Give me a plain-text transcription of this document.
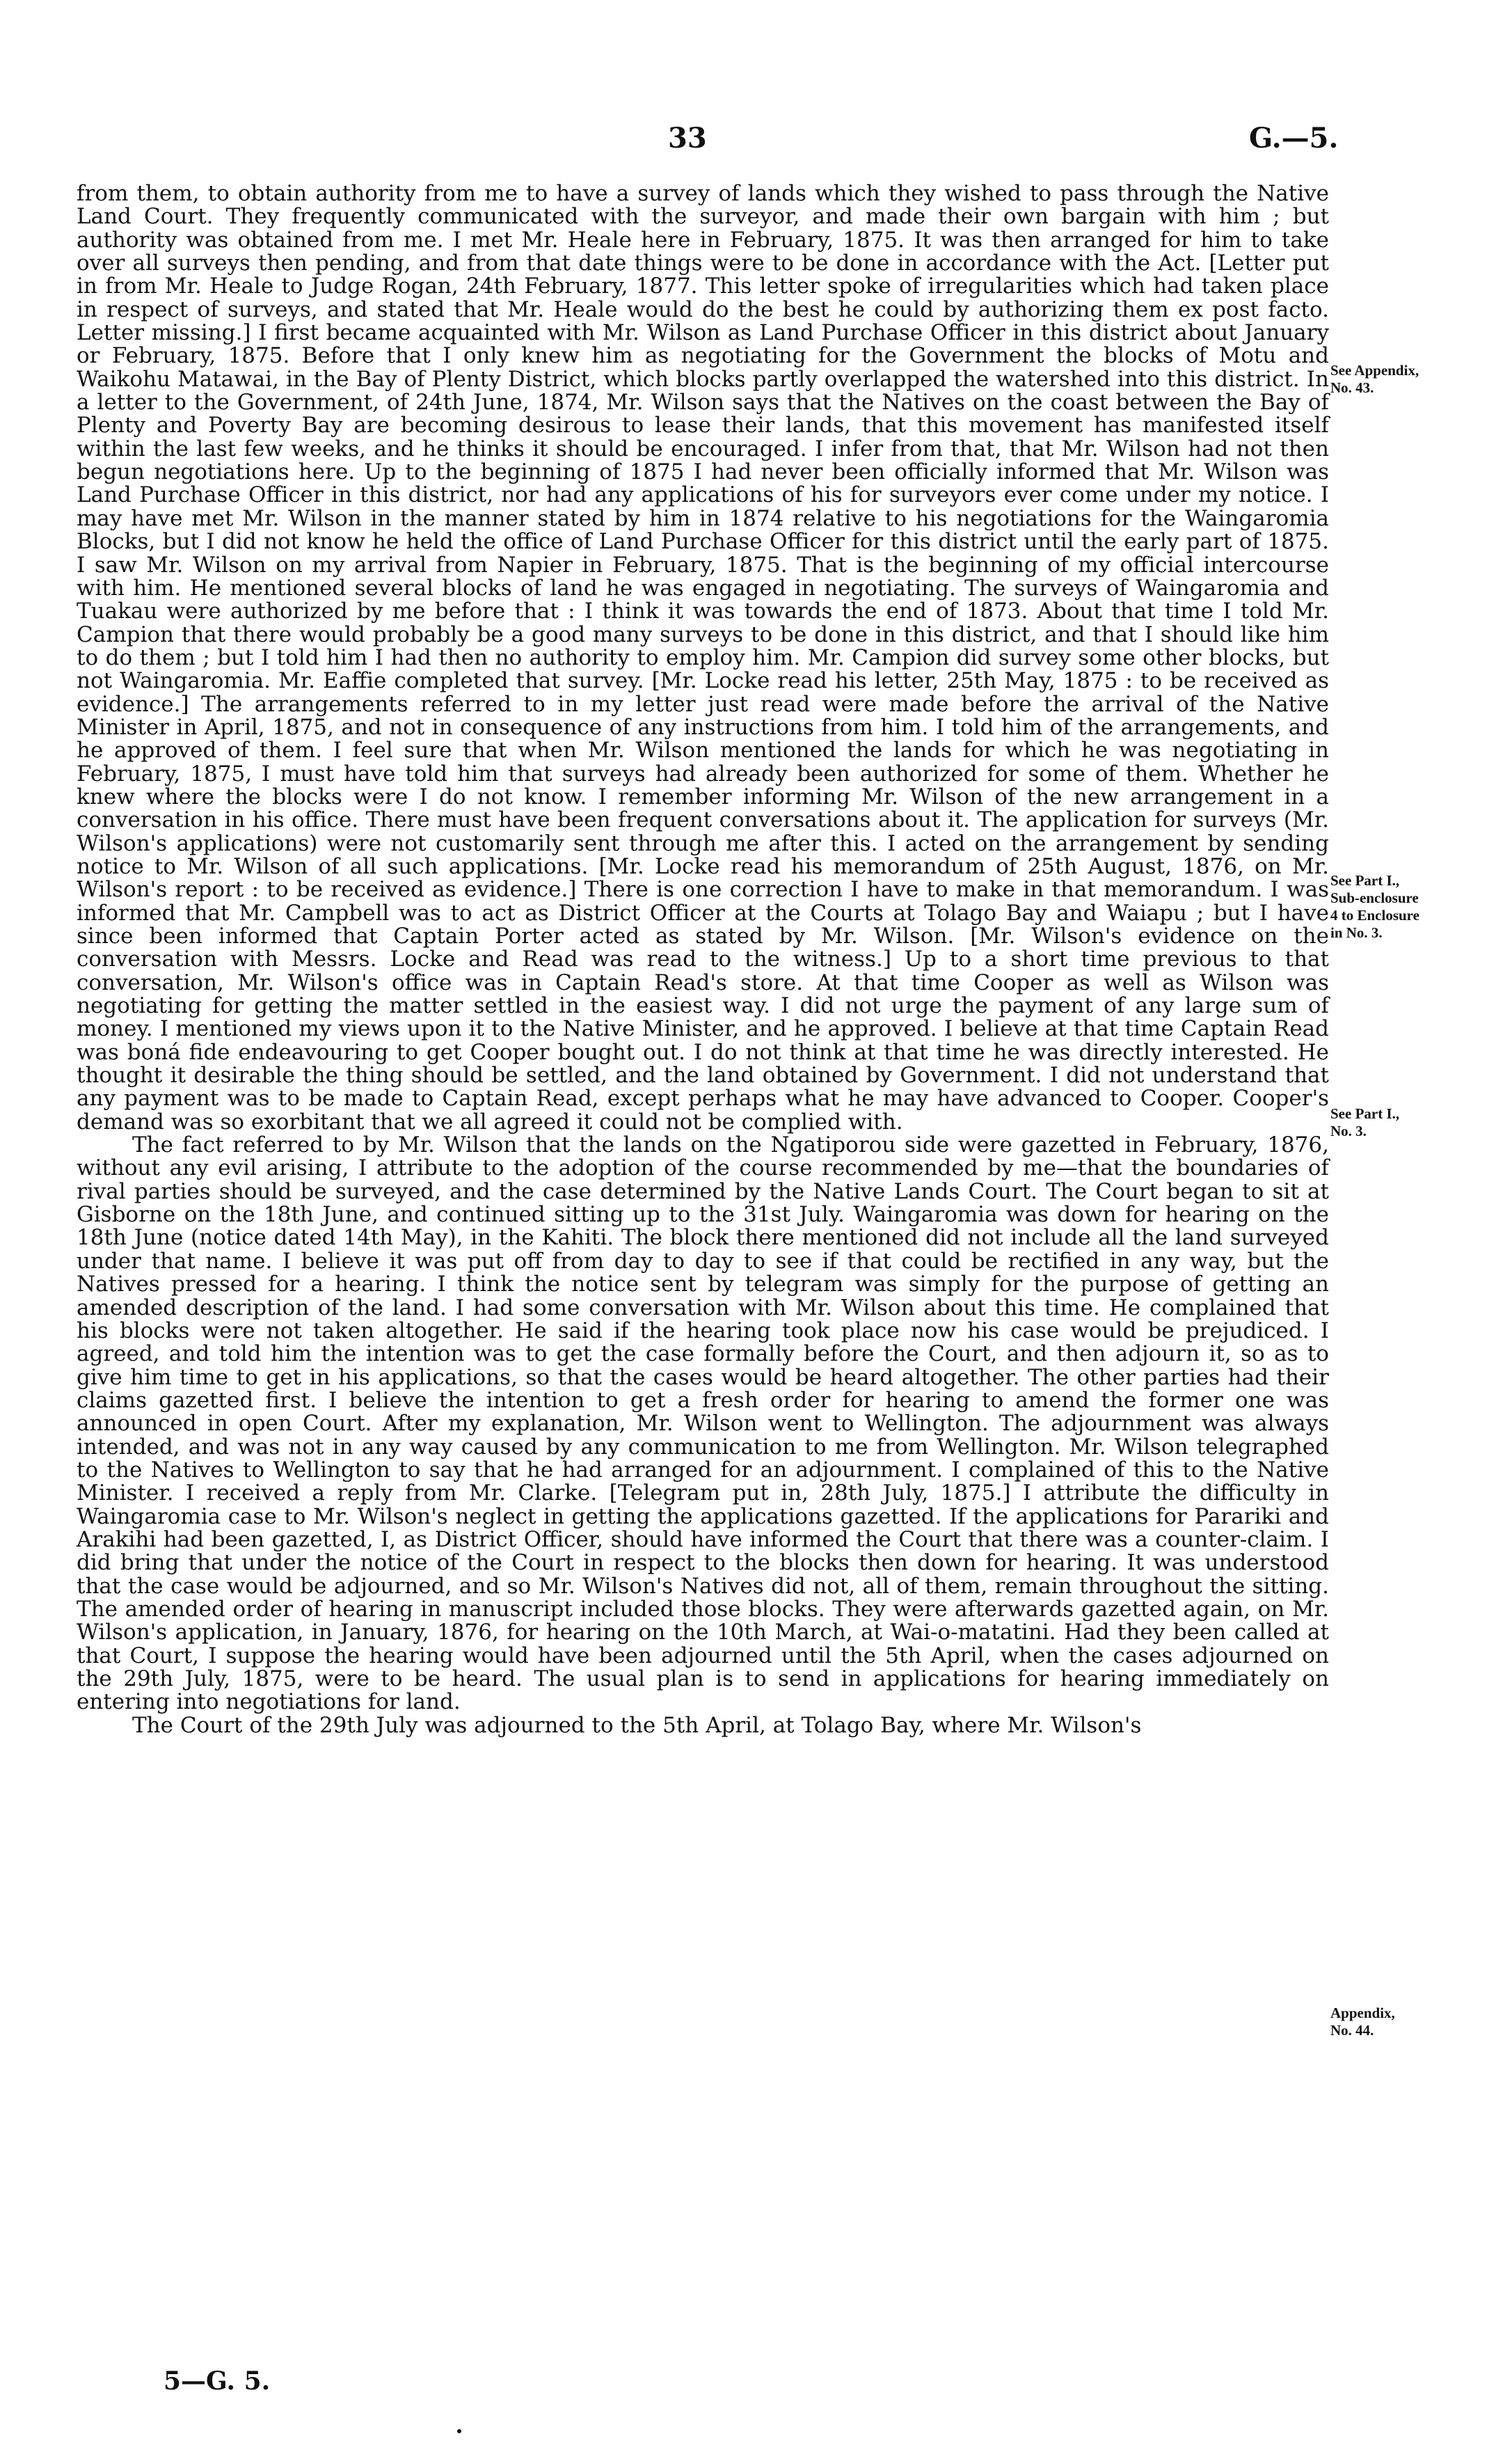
33	G.—5.

from them, to obtain authority from me to have a survey of lands which they wished to pass through the Native Land Court. They frequently communicated with the surveyor, and made their own bargain with him ; but authority was obtained from me. I met Mr. Heale here in February, 1875. It was then arranged for him to take over all surveys then pending, and from that date things were to be done in accordance with the Act. [Letter put in from Mr. Heale to Judge Rogan, 24th February, 1877. This letter spoke of irregularities which had taken place in respect of surveys, and stated that Mr. Heale would do the best he could by authorizing them ex post facto. Letter missing.] I first became acquainted with Mr. Wilson as Land Purchase Officer in this district about January or February, 1875. Before that I only knew him as negotiating for the Government the blocks of Motu and Waikohu Matawai, in the Bay of Plenty District, which blocks partly overlapped the watershed into this district. In a letter to the Government, of 24th June, 1874, Mr. Wilson says that the Natives on the coast between the Bay of Plenty and Poverty Bay are becoming desirous to lease their lands, that this movement has manifested itself within the last few weeks, and he thinks it should be encouraged. I infer from that, that Mr. Wilson had not then begun negotiations here. Up to the beginning of 1875 I had never been officially informed that Mr. Wilson was Land Purchase Officer in this district, nor had any applications of his for surveyors ever come under my notice. I may have met Mr. Wilson in the manner stated by him in 1874 relative to his negotiations for the Waingaromia Blocks, but I did not know he held the office of Land Purchase Officer for this district until the early part of 1875. I saw Mr. Wilson on my arrival from Napier in February, 1875. That is the beginning of my official intercourse with him. He mentioned several blocks of land he was engaged in negotiating. The surveys of Waingaromia and Tuakau were authorized by me before that : I think it was towards the end of 1873. About that time I told Mr. Campion that there would probably be a good many surveys to be done in this district, and that I should like him to do them ; but I told him I had then no authority to employ him. Mr. Campion did survey some other blocks, but not Waingaromia. Mr. Eaffie completed that survey. [Mr. Locke read his letter, 25th May, 1875 : to be received as evidence.] The arrangements referred to in my letter just read were made before the arrival of the Native Minister in April, 1875, and not in consequence of any instructions from him. I told him of the arrangements, and he approved of them. I feel sure that when Mr. Wilson mentioned the lands for which he was negotiating in February, 1875, I must have told him that surveys had already been authorized for some of them. Whether he knew where the blocks were I do not know. I remember informing Mr. Wilson of the new arrangement in a conversation in his office. There must have been frequent conversations about it. The application for surveys (Mr. Wilson's applications) were not customarily sent through me after this. I acted on the arrangement by sending notice to Mr. Wilson of all such applications. [Mr. Locke read his memorandum of 25th August, 1876, on Mr. Wilson's report : to be received as evidence.] There is one correction I have to make in that memorandum. I was informed that Mr. Campbell was to act as District Officer at the Courts at Tolago Bay and Waiapu ; but I have since been informed that Captain Porter acted as stated by Mr. Wilson. [Mr. Wilson's evidence on the conversation with Messrs. Locke and Read was read to the witness.] Up to a short time previous to that conversation, Mr. Wilson's office was in Captain Read's store. At that time Cooper as well as Wilson was negotiating for getting the matter settled in the easiest way. I did not urge the payment of any large sum of money. I mentioned my views upon it to the Native Minister, and he approved. I believe at that time Captain Read was boná fide endeavouring to get Cooper bought out. I do not think at that time he was directly interested. He thought it desirable the thing should be settled, and the land obtained by Government. I did not understand that any payment was to be made to Captain Read, except perhaps what he may have advanced to Cooper. Cooper's demand was so exorbitant that we all agreed it could not be complied with.

The fact referred to by Mr. Wilson that the lands on the Ngatiporou side were gazetted in February, 1876, without any evil arising, I attribute to the adoption of the course recommended by me—that the boundaries of rival parties should be surveyed, and the case determined by the Native Lands Court. The Court began to sit at Gisborne on the 18th June, and continued sitting up to the 31st July. Waingaromia was down for hearing on the 18th June (notice dated 14th May), in the Kahiti. The block there mentioned did not include all the land surveyed under that name. I believe it was put off from day to day to see if that could be rectified in any way, but the Natives pressed for a hearing. I think the notice sent by telegram was simply for the purpose of getting an amended description of the land. I had some conversation with Mr. Wilson about this time. He complained that his blocks were not taken altogether. He said if the hearing took place now his case would be prejudiced. I agreed, and told him the intention was to get the case formally before the Court, and then adjourn it, so as to give him time to get in his applications, so that the cases would be heard altogether. The other parties had their claims gazetted first. I believe the intention to get a fresh order for hearing to amend the former one was announced in open Court. After my explanation, Mr. Wilson went to Wellington. The adjournment was always intended, and was not in any way caused by any communication to me from Wellington. Mr. Wilson telegraphed to the Natives to Wellington to say that he had arranged for an adjournment. I complained of this to the Native Minister. I received a reply from Mr. Clarke. [Telegram put in, 28th July, 1875.] I attribute the difficulty in Waingaromia case to Mr. Wilson's neglect in getting the applications gazetted. If the applications for Parariki and Arakihi had been gazetted, I, as District Officer, should have informed the Court that there was a counter-claim. I did bring that under the notice of the Court in respect to the blocks then down for hearing. It was understood that the case would be adjourned, and so Mr. Wilson's Natives did not, all of them, remain throughout the sitting. The amended order of hearing in manuscript included those blocks. They were afterwards gazetted again, on Mr. Wilson's application, in January, 1876, for hearing on the 10th March, at Wai-o-matatini. Had they been called at that Court, I suppose the hearing would have been adjourned until the 5th April, when the cases adjourned on the 29th July, 1875, were to be heard. The usual plan is to send in applications for hearing immediately on entering into negotiations for land.

The Court of the 29th July was adjourned to the 5th April, at Tolago Bay, where Mr. Wilson's

See Appendix,
No. 43.
See Part I.,
Sub-enclosure
4 to Enclosure
in No. 3.
See Part I.,
No. 3.
Appendix,
No. 44.
5—G. 5.
